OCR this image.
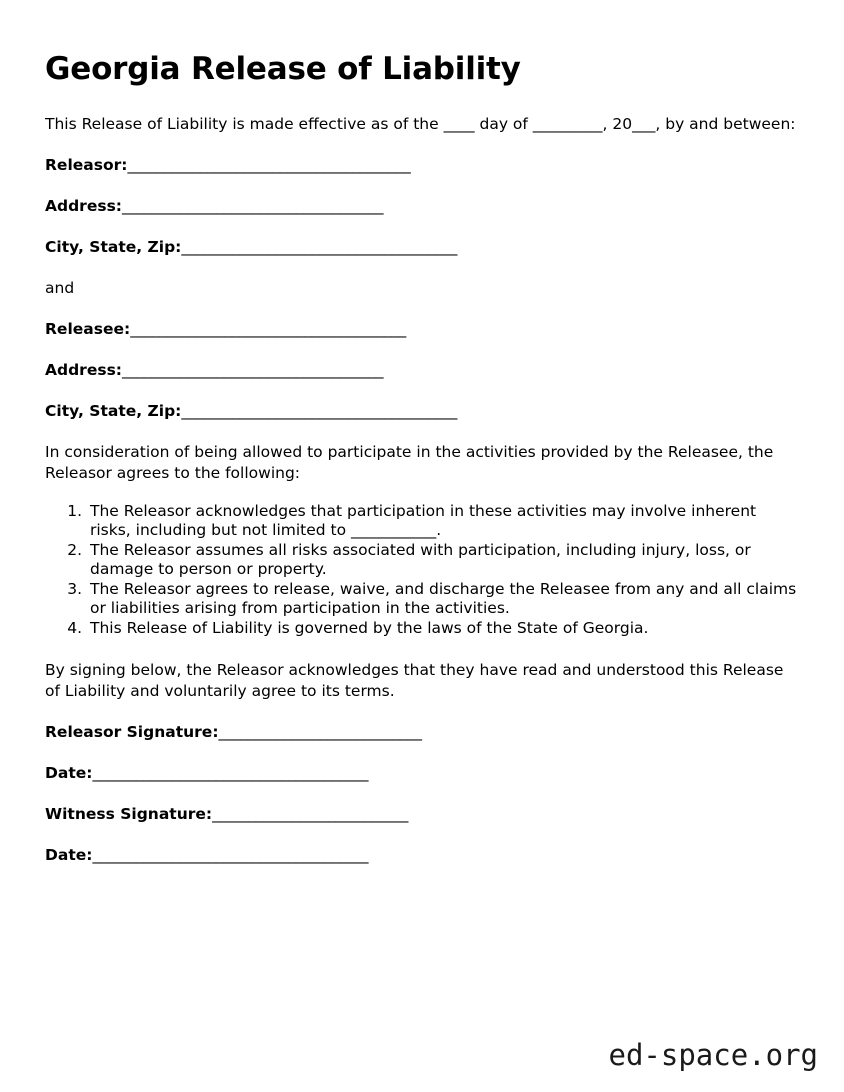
Georgia Release of Liability

This Release of Liability is made effective as of the ____ day of _________, 20___, by and between:

Releasor:_______________________________________
Address:____________________________________
City, State, Zip:______________________________________

and

Releasee:______________________________________
Address:____________________________________
City, State, Zip:______________________________________

In consideration of being allowed to participate in the activities provided by the Releasee, the Releasor agrees to the following:

1. The Releasor acknowledges that participation in these activities may involve inherent risks, including but not limited to ___________.
2. The Releasor assumes all risks associated with participation, including injury, loss, or damage to person or property.
3. The Releasor agrees to release, waive, and discharge the Releasee from any and all claims or liabilities arising from participation in the activities.
4. This Release of Liability is governed by the laws of the State of Georgia.

By signing below, the Releasor acknowledges that they have read and understood this Release of Liability and voluntarily agree to its terms.

Releasor Signature:____________________________
Date:______________________________________
Witness Signature:___________________________
Date:______________________________________
ed-space.org
